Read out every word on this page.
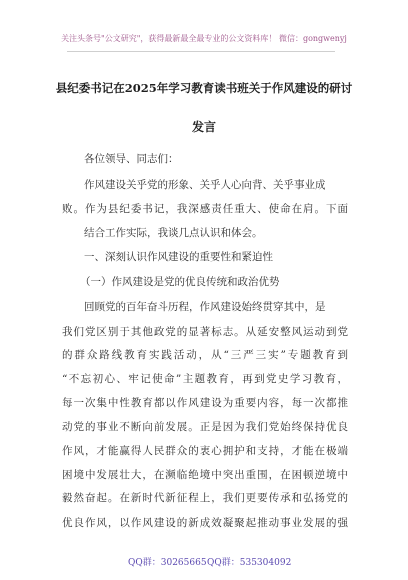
关注头条号"公文研究"，获得最新最全最专业的公文资料库！ 微信：gongwenyj
县纪委书记在2025年学习教育读书班关于作风建设的研讨
发言
各位领导、同志们：
作风建设关乎党的形象、关乎人心向背、关乎事业成
败。作为县纪委书记，我深感责任重大、使命在肩。下面
结合工作实际，我谈几点认识和体会。
一、深刻认识作风建设的重要性和紧迫性
（一）作风建设是党的优良传统和政治优势
回顾党的百年奋斗历程，作风建设始终贯穿其中，是
我们党区别于其他政党的显著标志。从延安整风运动到党
的群众路线教育实践活动，从“三严三实”专题教育到
“不忘初心、牢记使命”主题教育，再到党史学习教育，
每一次集中性教育都以作风建设为重要内容，每一次都推
动党的事业不断向前发展。正是因为我们党始终保持优良
作风，才能赢得人民群众的衷心拥护和支持，才能在极端
困境中发展壮大，在濒临绝境中突出重围，在困顿逆境中
毅然奋起。在新时代新征程上，我们更要传承和弘扬党的
优良作风，以作风建设的新成效凝聚起推动事业发展的强
QQ群：30265665 QQ群：535304092
